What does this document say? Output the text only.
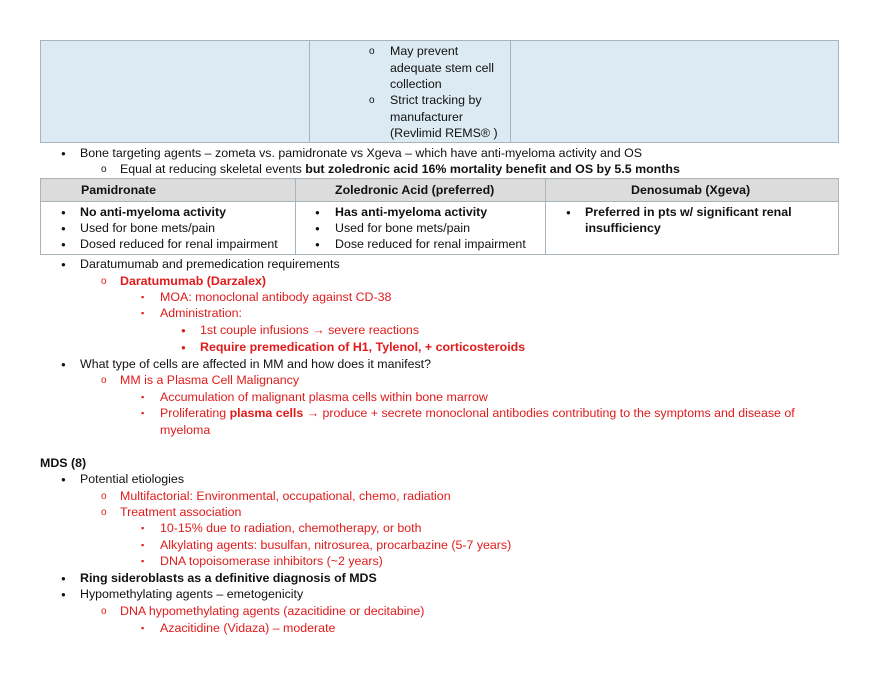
o May prevent
adequate stem cell
collection
o Strict tracking by
manufacturer
(Revlimid REMS® )
● Bone targeting agents – zometa vs. pamidronate vs Xgeva – which have anti-myeloma activity and OS
o Equal at reducing skeletal events but zoledronic acid 16% mortality benefit and OS by 5.5 months
Pamidronate	Zoledronic Acid (preferred)	Denosumab (Xgeva)
● No anti-myeloma activity
● Used for bone mets/pain
● Dosed reduced for renal impairment
● Has anti-myeloma activity
● Used for bone mets/pain
● Dose reduced for renal impairment
● Preferred in pts w/ significant renal
insufficiency
● Daratumumab and premedication requirements
o Daratumumab (Darzalex)
▪ MOA: monoclonal antibody against CD-38
▪ Administration:
● 1st couple infusions → severe reactions
● Require premedication of H1, Tylenol, + corticosteroids
● What type of cells are affected in MM and how does it manifest?
o MM is a Plasma Cell Malignancy
▪ Accumulation of malignant plasma cells within bone marrow
▪ Proliferating plasma cells → produce + secrete monoclonal antibodies contributing to the symptoms and disease of
myeloma
MDS (8)
● Potential etiologies
o Multifactorial: Environmental, occupational, chemo, radiation
o Treatment association
▪ 10-15% due to radiation, chemotherapy, or both
▪ Alkylating agents: busulfan, nitrosurea, procarbazine (5-7 years)
▪ DNA topoisomerase inhibitors (~2 years)
● Ring sideroblasts as a definitive diagnosis of MDS
● Hypomethylating agents – emetogenicity
o DNA hypomethylating agents (azacitidine or decitabine)
▪ Azacitidine (Vidaza) – moderate
